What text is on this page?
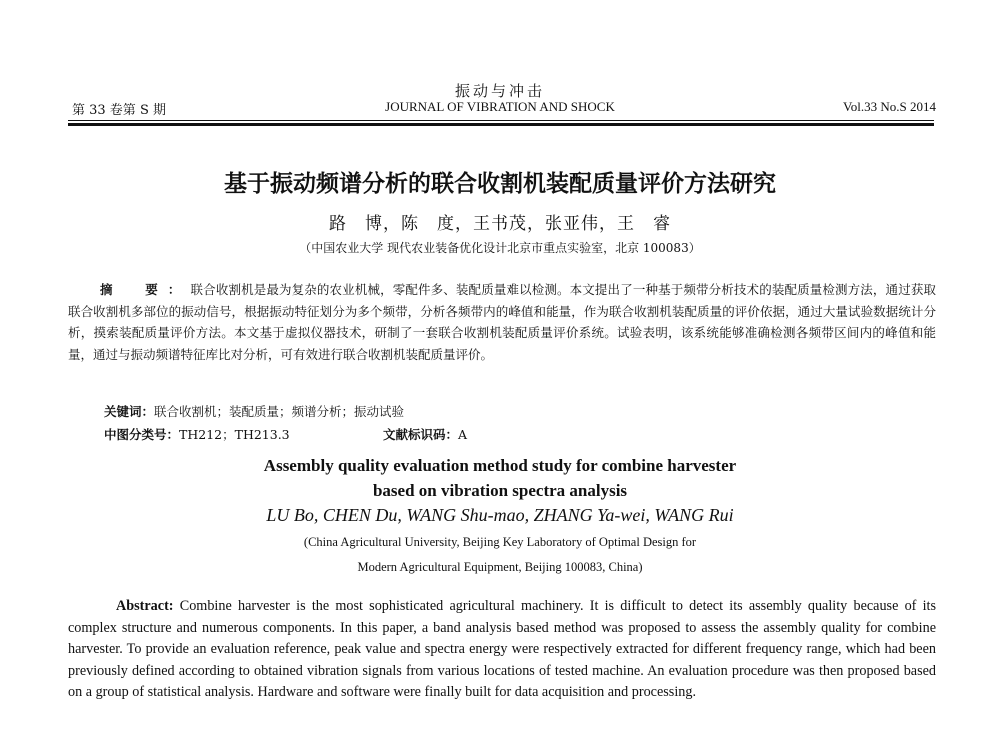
振动与冲击
第 33 卷第 S 期	JOURNAL OF VIBRATION AND SHOCK	Vol.33 No.S 2014
基于振动频谱分析的联合收割机装配质量评价方法研究
路　博，陈　度，王书茂，张亚伟，王　睿
（中国农业大学 现代农业装备优化设计北京市重点实验室，北京 100083）
摘　要：联合收割机是最为复杂的农业机械，零配件多、装配质量难以检测。本文提出了一种基于频带分析技术的装配质量检测方法，通过获取联合收割机多部位的振动信号，根据振动特征划分为多个频带，分析各频带内的峰值和能量，作为联合收割机装配质量的评价依据，通过大量试验数据统计分析，摸索装配质量评价方法。本文基于虚拟仪器技术，研制了一套联合收割机装配质量评价系统。试验表明，该系统能够准确检测各频带区间内的峰值和能量，通过与振动频谱特征库比对分析，可有效进行联合收割机装配质量评价。
关键词：联合收割机；装配质量；频谱分析；振动试验
中图分类号：TH212；TH213.3	文献标识码：A
Assembly quality evaluation method study for combine harvester
based on vibration spectra analysis
LU Bo, CHEN Du, WANG Shu-mao, ZHANG Ya-wei, WANG Rui
(China Agricultural University, Beijing Key Laboratory of Optimal Design for
Modern Agricultural Equipment, Beijing 100083, China)
Abstract: Combine harvester is the most sophisticated agricultural machinery. It is difficult to detect its assembly quality because of its complex structure and numerous components. In this paper, a band analysis based method was proposed to assess the assembly quality for combine harvester. To provide an evaluation reference, peak value and spectra energy were respectively extracted for different frequency range, which had been previously defined according to obtained vibration signals from various locations of tested machine. An evaluation procedure was then proposed based on a group of statistical analysis. Hardware and software were finally built for data acquisition and processing.
